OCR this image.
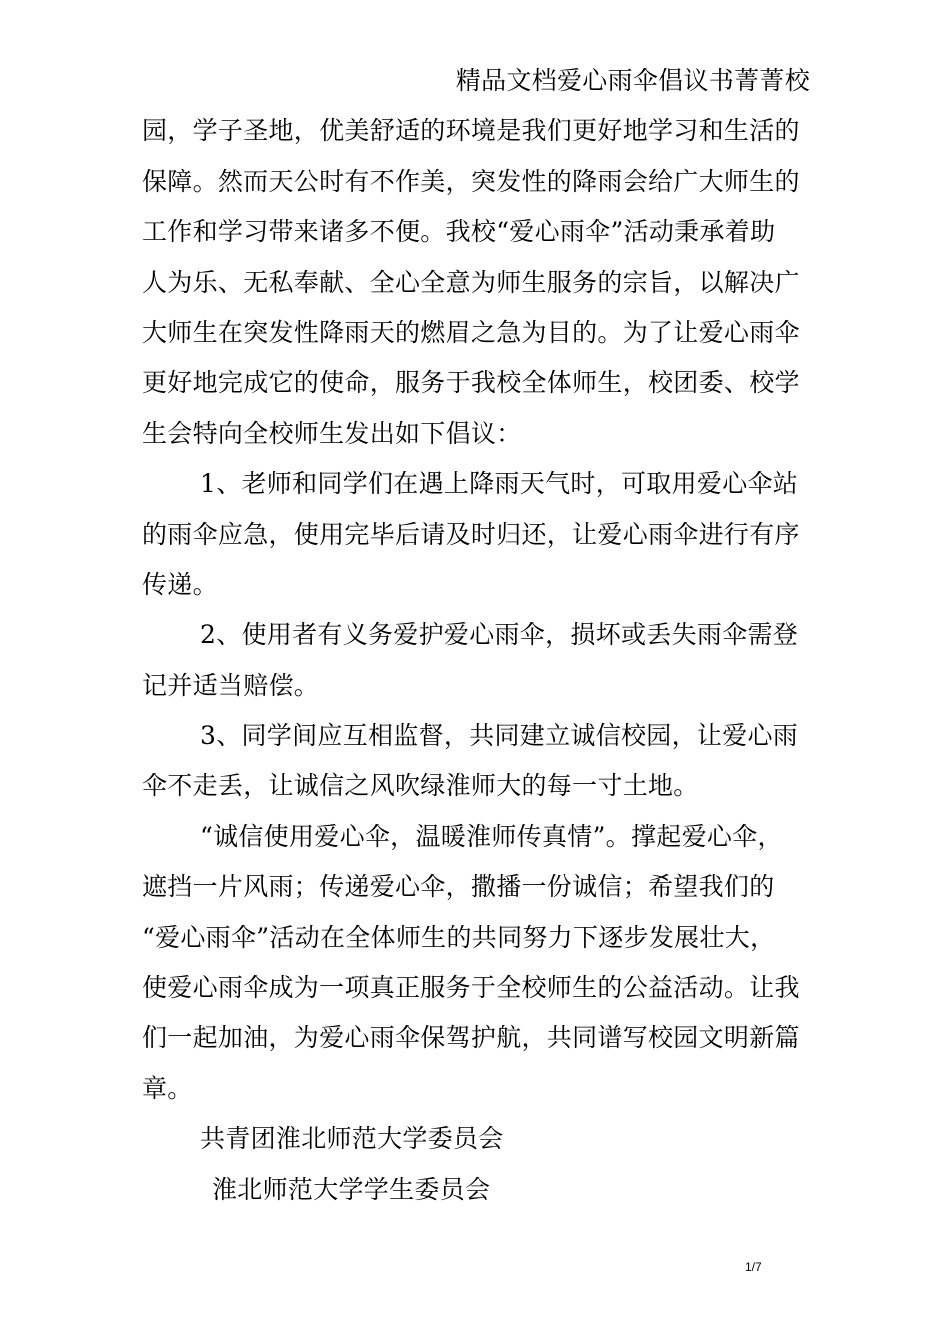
精品文档爱心雨伞倡议书菁菁校
园，学子圣地，优美舒适的环境是我们更好地学习和生活的
保障。然而天公时有不作美，突发性的降雨会给广大师生的
工作和学习带来诸多不便。我校“爱心雨伞”活动秉承着助
人为乐、无私奉献、全心全意为师生服务的宗旨，以解决广
大师生在突发性降雨天的燃眉之急为目的。为了让爱心雨伞
更好地完成它的使命，服务于我校全体师生，校团委、校学
生会特向全校师生发出如下倡议：
1、老师和同学们在遇上降雨天气时，可取用爱心伞站
的雨伞应急，使用完毕后请及时归还，让爱心雨伞进行有序
传递。
2、使用者有义务爱护爱心雨伞，损坏或丢失雨伞需登
记并适当赔偿。
3、同学间应互相监督，共同建立诚信校园，让爱心雨
伞不走丢，让诚信之风吹绿淮师大的每一寸土地。
“诚信使用爱心伞，温暖淮师传真情”。撑起爱心伞，
遮挡一片风雨；传递爱心伞，撒播一份诚信；希望我们的
“爱心雨伞”活动在全体师生的共同努力下逐步发展壮大，
使爱心雨伞成为一项真正服务于全校师生的公益活动。让我
们一起加油，为爱心雨伞保驾护航，共同谱写校园文明新篇
章。
共青团淮北师范大学委员会
淮北师范大学学生委员会
1/7
